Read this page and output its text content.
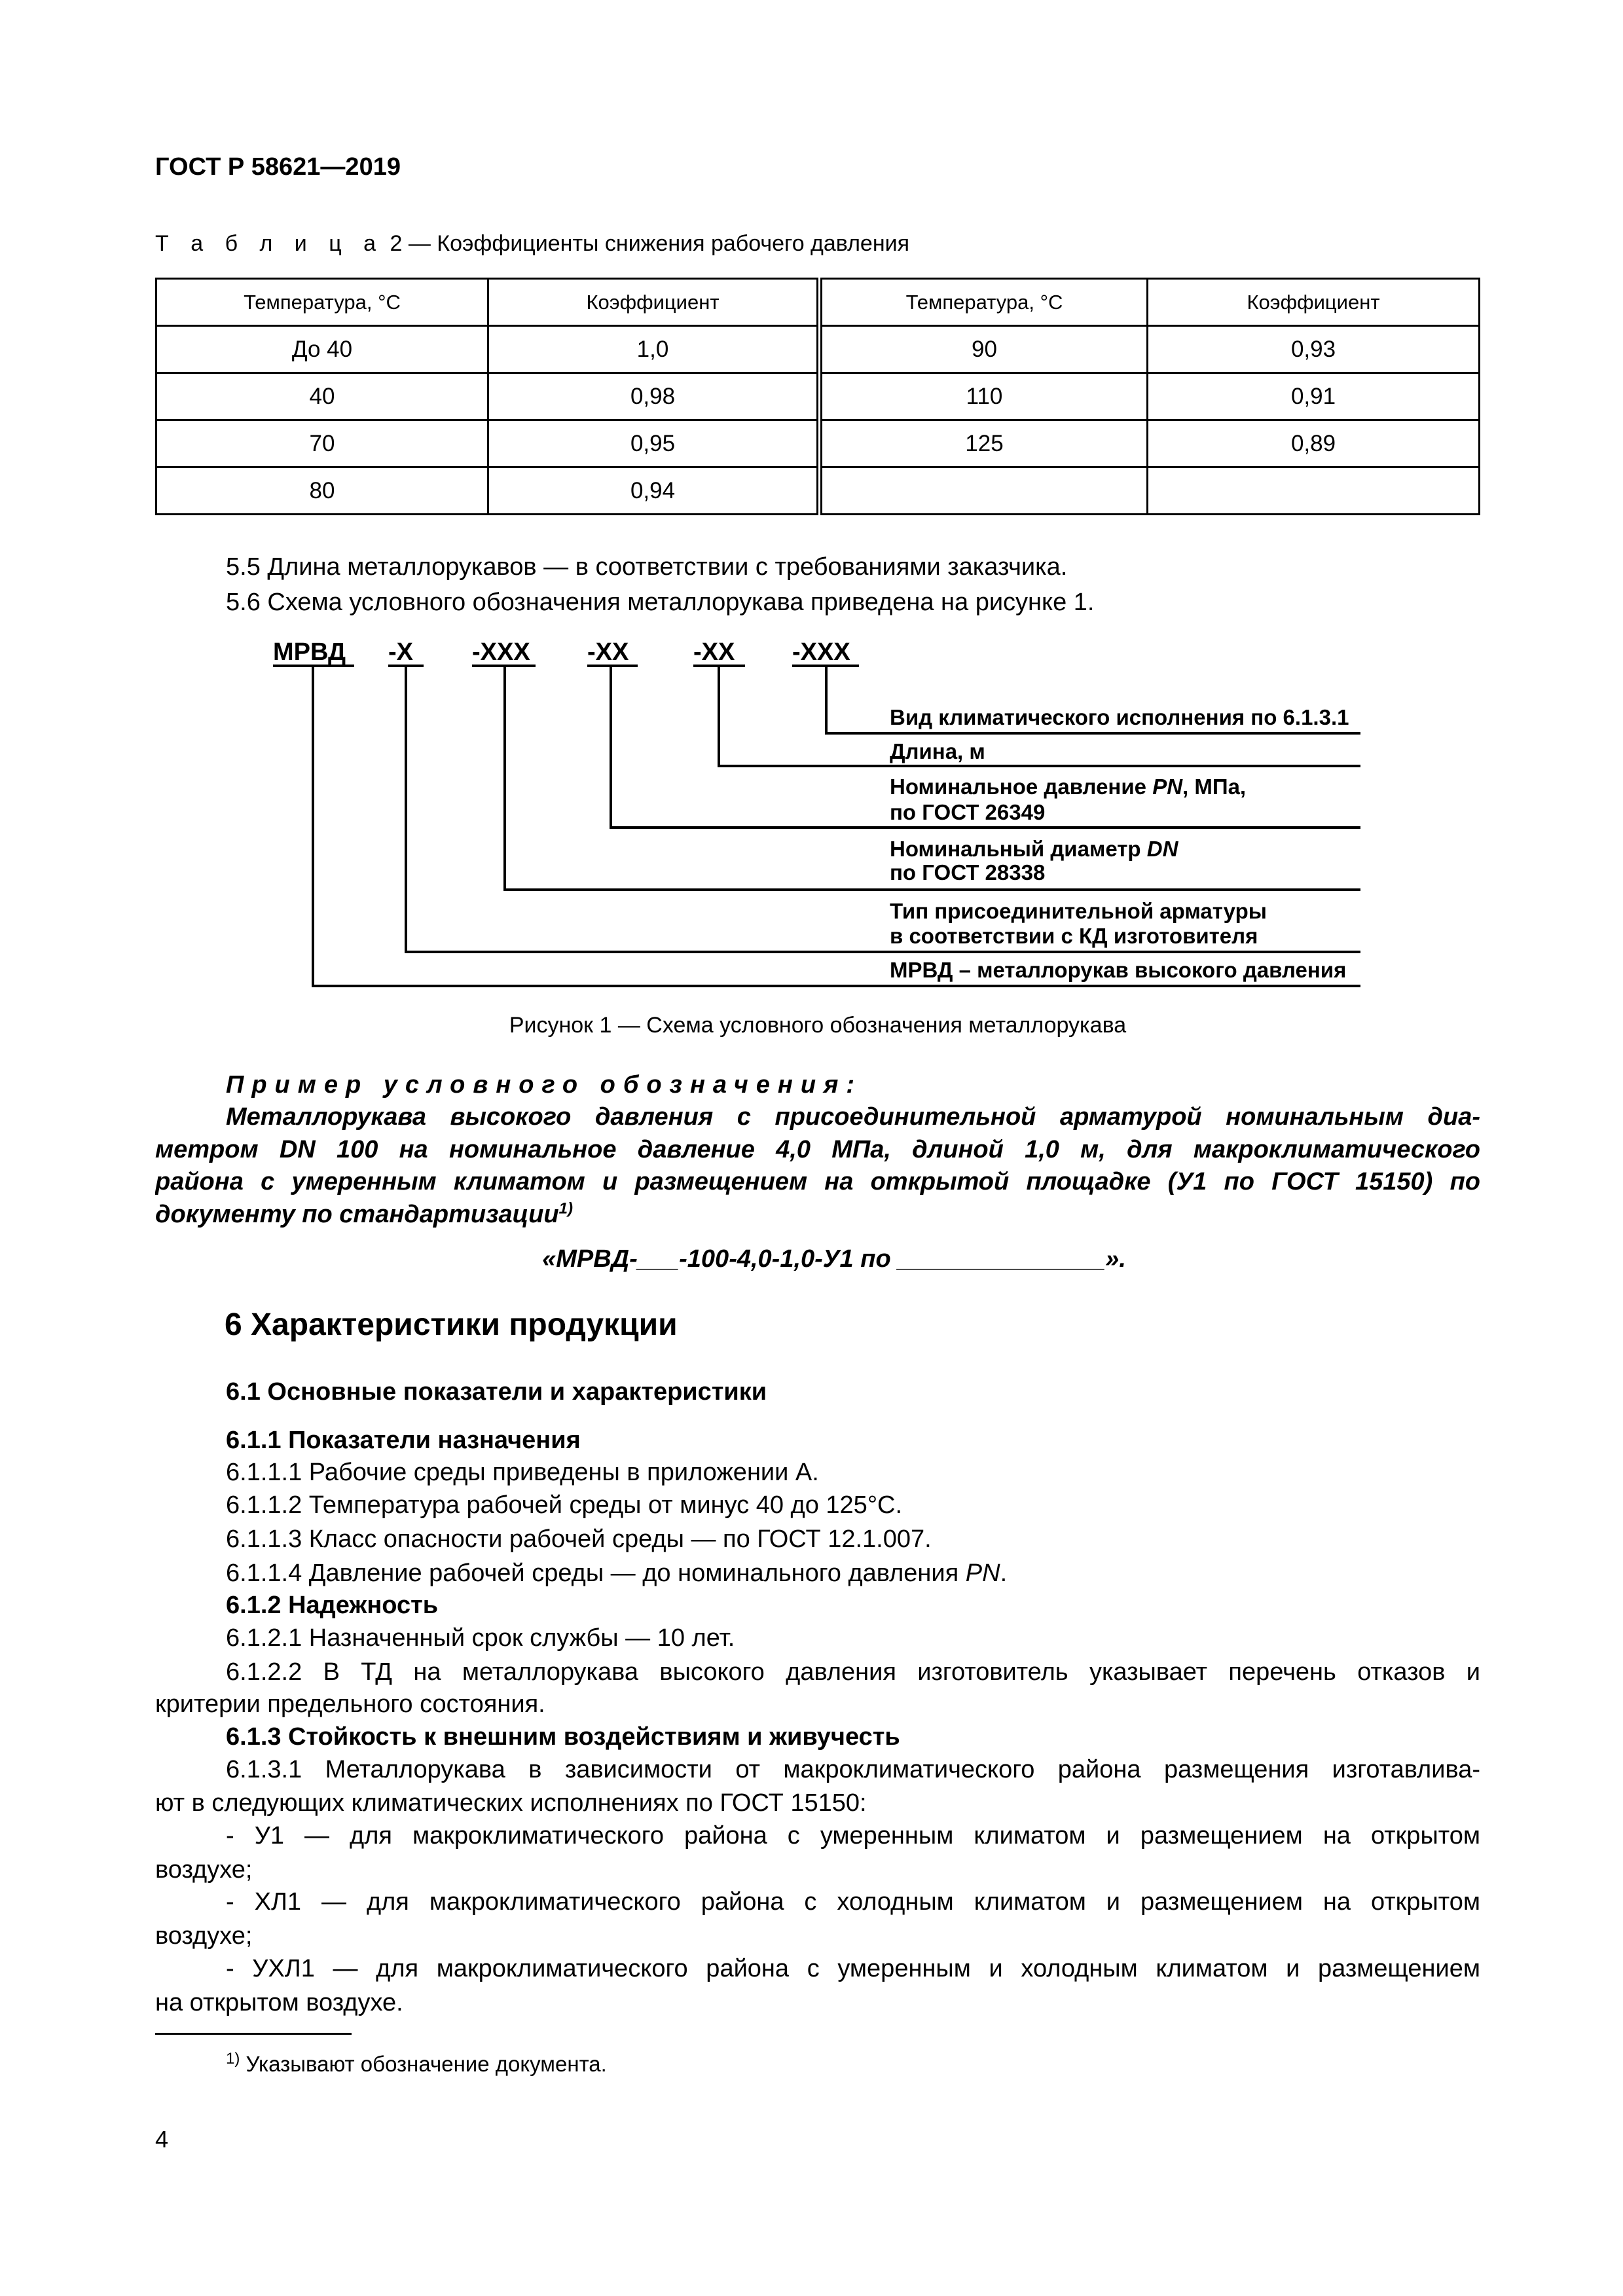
ГОСТ Р 58621—2019
Т а б л и ц а 2 — Коэффициенты снижения рабочего давления
Температура, °С	Коэффициент	Температура, °С	Коэффициент
До 40	1,0	90	0,93
40	0,98	110	0,91
70	0,95	125	0,89
80	0,94		
5.5 Длина металлорукавов — в соответствии с требованиями заказчика.
5.6 Схема условного обозначения металлорукава приведена на рисунке 1.
МРВД -Х -ХХХ -ХХ	-ХХ -ХХХ
Вид климатического исполнения по 6.1.3.1
Длина, м
Номинальное давление PN, МПа,
по ГОСТ 26349
Номинальный диаметр DN
по ГОСТ 28338
Тип присоединительной арматуры
в соответствии с КД изготовителя
МРВД – металлорукав высокого давления
Рисунок 1 — Схема условного обозначения металлорукава
Пример условного обозначения:
Металлорукава высокого давления с присоединительной арматурой номинальным диа-
метром DN 100 на номинальное давление 4,0 МПа, длиной 1,0 м, для макроклиматического
района с умеренным климатом и размещением на открытой площадке (У1 по ГОСТ 15150) по
документу по стандартизации$^{1)}$
«МРВД-___-100-4,0-1,0-У1 по _______________».
6 Характеристики продукции
6.1 Основные показатели и характеристики
6.1.1 Показатели назначения
6.1.1.1 Рабочие среды приведены в приложении А.
6.1.1.2 Температура рабочей среды от минус 40 до 125°С.
6.1.1.3 Класс опасности рабочей среды — по ГОСТ 12.1.007.
6.1.1.4 Давление рабочей среды — до номинального давления PN.
6.1.2 Надежность
6.1.2.1 Назначенный срок службы — 10 лет.
6.1.2.2 В ТД на металлорукава высокого давления изготовитель указывает перечень отказов и
критерии предельного состояния.
6.1.3 Стойкость к внешним воздействиям и живучесть
6.1.3.1 Металлорукава в зависимости от макроклиматического района размещения изготавлива-
ют в следующих климатических исполнениях по ГОСТ 15150:
- У1 — для макроклиматического района с умеренным климатом и размещением на открытом
воздухе;
- ХЛ1 — для макроклиматического района с холодным климатом и размещением на открытом
воздухе;
- УХЛ1 — для макроклиматического района с умеренным и холодным климатом и размещением
на открытом воздухе.
$^{1)}$ Указывают обозначение документа.
4
